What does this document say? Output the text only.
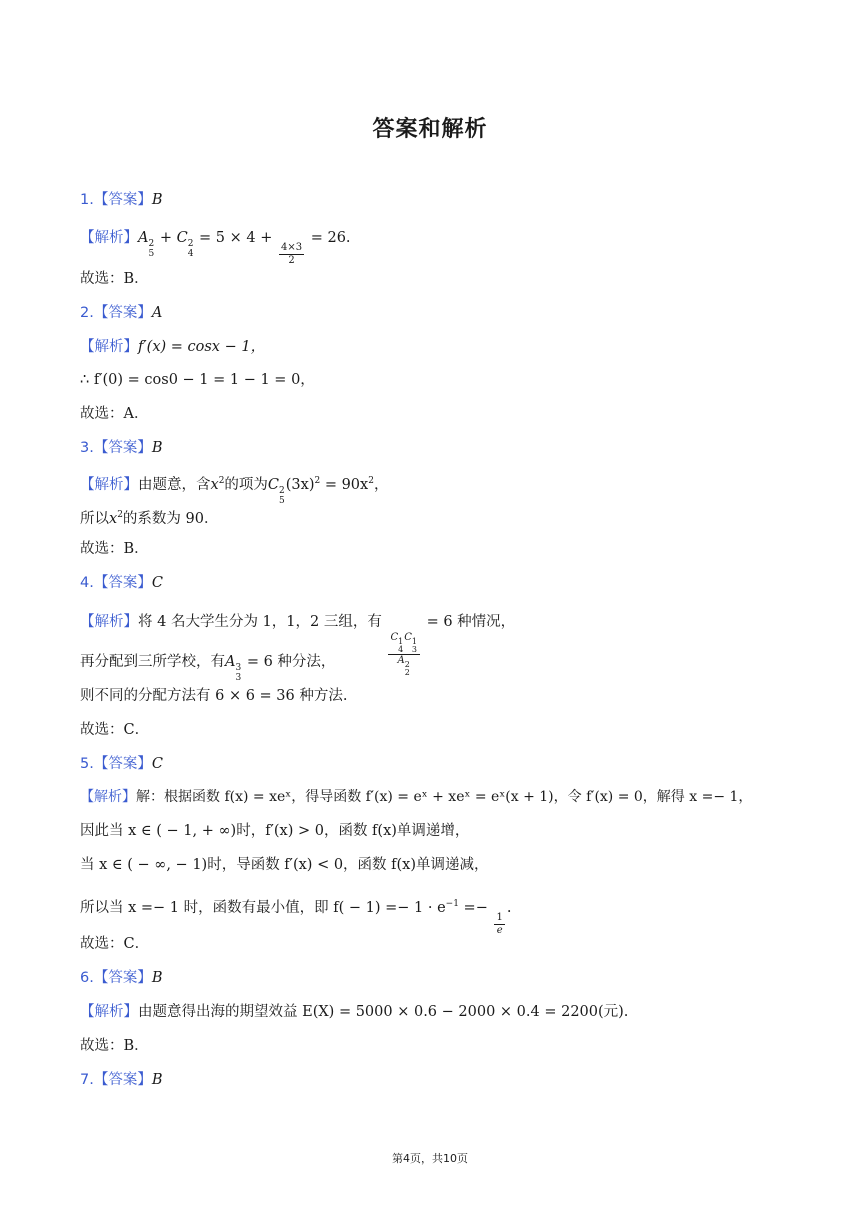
答案和解析
1.【答案】B
【解析】A 2
5
+ C 2
4
= 5 × 4 +
$\frac{4\times 3}{2}$
= 26.
故选：B．
2.【答案】A
【解析】f′(x) = cosx − 1，
∴ f′(0) = cos0 − 1 = 1 − 1 = 0，
故选：A．
3.【答案】B
【解析】由题意，含$x^2$的项为C 2
5
$(3x)^2 = 90x^2$，
所以$x^2$的系数为 90．
故选：B．
4.【答案】C
【解析】将 4 名大学生分为 1，1，2 三组，有
C 1
4
C 1
3
A 2
2
= 6 种情况，
再分配到三所学校，有A 3
3
= 6 种分法，
则不同的分配方法有 6 × 6 = 36 种方法.
故选：C．
5.【答案】C
【解析】解：根据函数 f(x) = xeˣ，得导函数 f′(x) = eˣ + xeˣ = eˣ(x + 1)，令 f′(x) = 0，解得 x =− 1，
因此当 x ∈ ( − 1, + ∞)时，f′(x) > 0，函数 f(x)单调递增，
当 x ∈ ( − ∞, − 1)时，导函数 f′(x) < 0，函数 f(x)单调递减，
所以当 x =− 1 时，函数有最小值，即 $f( - 1) =- 1 \cdot e^{-1}$ =−
$\frac{1}{e}$
.
故选：C．
6.【答案】B
【解析】由题意得出海的期望效益 E(X) = 5000 × 0.6 − 2000 × 0.4 = 2200(元).
故选：B．
7.【答案】B
第4页，共10页
